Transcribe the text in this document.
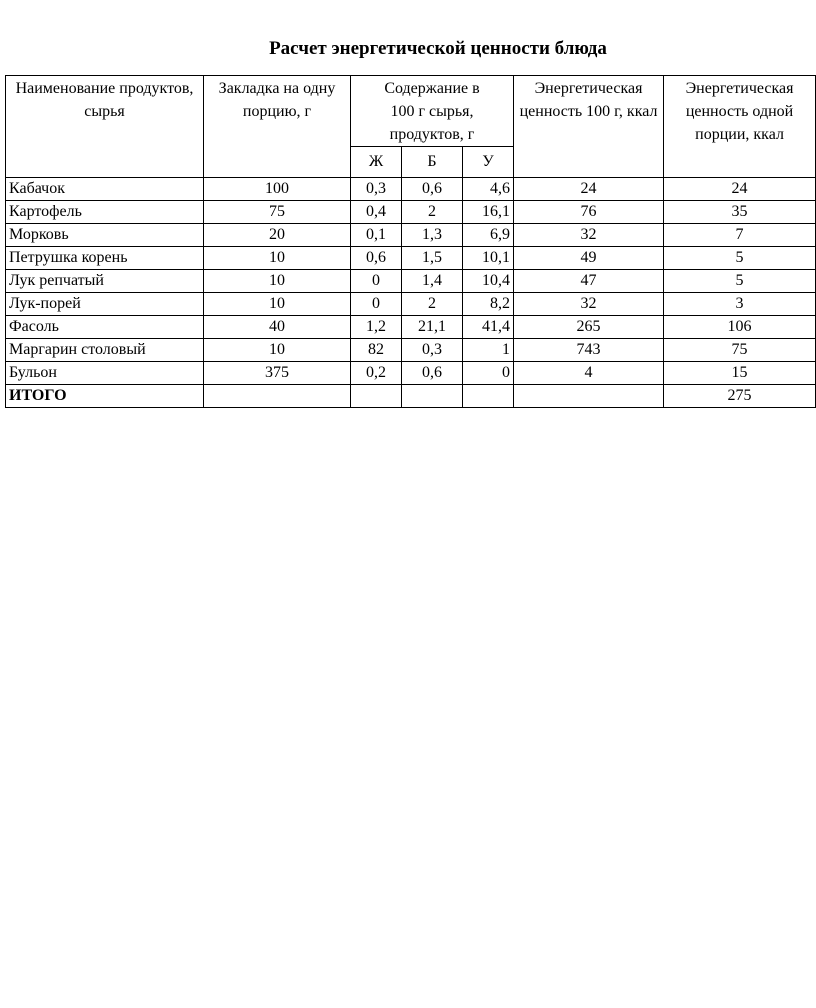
Расчет энергетической ценности блюда
Наименование продуктов, сырья	Закладка на одну порцию, г	Содержание в 100 г сырья, продуктов, г			Энергетическая ценность 100 г, ккал	Энергетическая ценность одной порции, ккал
		Ж	Б	У		
Кабачок	100	0,3	0,6	4,6	24	24
Картофель	75	0,4	2	16,1	76	35
Морковь	20	0,1	1,3	6,9	32	7
Петрушка корень	10	0,6	1,5	10,1	49	5
Лук репчатый	10	0	1,4	10,4	47	5
Лук-порей	10	0	2	8,2	32	3
Фасоль	40	1,2	21,1	41,4	265	106
Маргарин столовый	10	82	0,3	1	743	75
Бульон	375	0,2	0,6	0	4	15
ИТОГО						275
